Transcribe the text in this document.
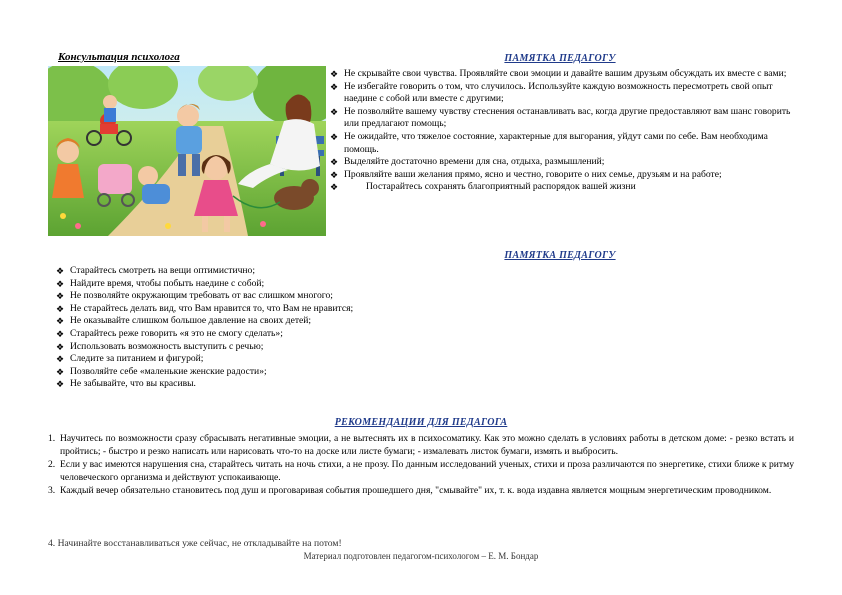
Консультация психолога	ПАМЯТКА ПЕДАГОГУ
❖ Не скрывайте свои чувства. Проявляйте свои эмоции и давайте вашим друзьям обсуждать их вместе с вами;
❖ Не избегайте говорить о том, что случилось. Используйте каждую возможность пересмотреть свой опыт наедине с собой или вместе с другими;
❖ Не позволяйте вашему чувству стеснения останавливать вас, когда другие предоставляют вам шанс говорить или предлагают помощь;
❖ Не ожидайте, что тяжелое состояние, характерные для выгорания, уйдут сами по себе. Вам необходима помощь.
❖ Выделяйте достаточно времени для сна, отдыха, размышлений;
❖ Проявляйте ваши желания прямо, ясно и честно, говорите о них семье, друзьям и на работе;
❖	Постарайтесь сохранять благоприятный распорядок вашей жизни
ПАМЯТКА ПЕДАГОГУ
❖ Старайтесь смотреть на вещи оптимистично;
❖ Найдите время, чтобы побыть наедине с собой;
❖ Не позволяйте окружающим требовать от вас слишком многого;
❖ Не старайтесь делать вид, что Вам нравится то, что Вам не нравится;
❖ Не оказывайте слишком большое давление на своих детей;
❖ Старайтесь реже говорить «я это не смогу сделать»;
❖ Использовать возможность выступить с речью;
❖ Следите за питанием и фигурой;
❖ Позволяйте себе «маленькие женские радости»;
❖ Не забывайте, что вы красивы.
РЕКОМЕНДАЦИИ ДЛЯ ПЕДАГОГА
1. Научитесь по возможности сразу сбрасывать негативные эмоции, а не вытеснять их в психосоматику. Как это можно сделать в условиях работы в детском доме: - резко встать и пройтись; - быстро и резко написать или нарисовать что-то на доске или листе бумаги; - измалевать листок бумаги, измять и выбросить.
2. Если у вас имеются нарушения сна, старайтесь читать на ночь стихи, а не прозу. По данным исследований ученых, стихи и проза различаются по энергетике, стихи ближе к ритму человеческого организма и действуют успокаивающе.
3. Каждый вечер обязательно становитесь под душ и проговаривая события прошедшего дня, "смывайте" их, т. к. вода издавна является мощным энергетическим проводником.
4. Начинайте восстанавливаться уже сейчас, не откладывайте на потом!
Материал подготовлен педагогом-психологом – Е. М. Бондар
